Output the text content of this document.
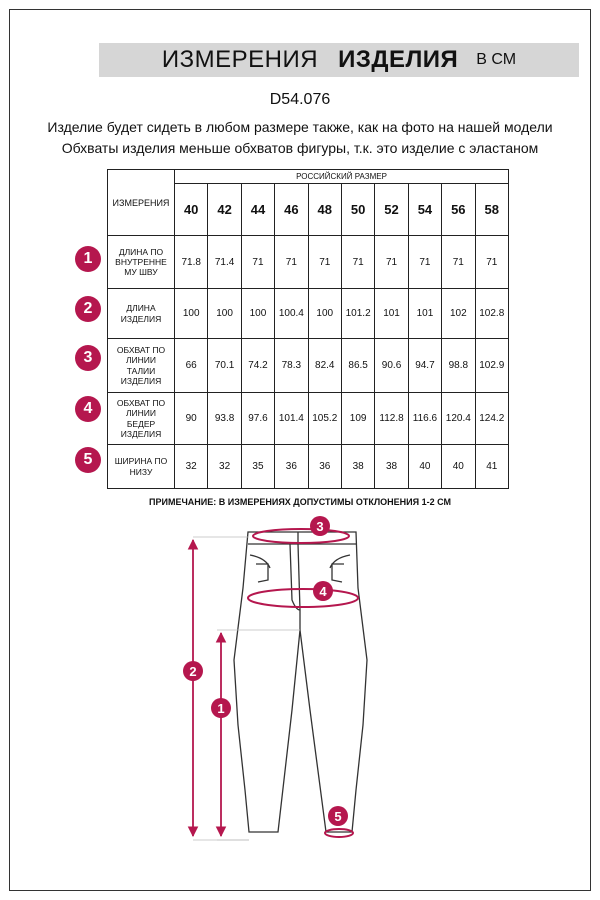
ИЗМЕРЕНИЯ ИЗДЕЛИЯ В СМ
D54.076
Изделие будет сидеть в любом размере также, как на фото на нашей модели
Обхваты изделия меньше обхватов фигуры, т.к. это изделие с эластаном
ИЗМЕРЕНИЯ	РОССИЙСКИЙ РАЗМЕР									
	40	42	44	46	48	50	52	54	56	58

ДЛИНА ПО
ВНУТРЕННЕ
МУ ШВУ	71.8	71.4	71	71	71	71	71	71	71	71

ДЛИНА
ИЗДЕЛИЯ	100	100	100	100.4	100	101.2	101	101	102	102.8

ОБХВАТ ПО
ЛИНИИ
ТАЛИИ
ИЗДЕЛИЯ	66	70.1	74.2	78.3	82.4	86.5	90.6	94.7	98.8	102.9

ОБХВАТ ПО
ЛИНИИ
БЕДЕР
ИЗДЕЛИЯ	90	93.8	97.6	101.4	105.2	109	112.8	116.6	120.4	124.2

ШИРИНА ПО
НИЗУ	32	32	35	36	36	38	38	40	40	41
1
2
3
4
5
ПРИМЕЧАНИЕ: В ИЗМЕРЕНИЯХ ДОПУСТИМЫ ОТКЛОНЕНИЯ 1-2 СМ
3
4
2
1
5
